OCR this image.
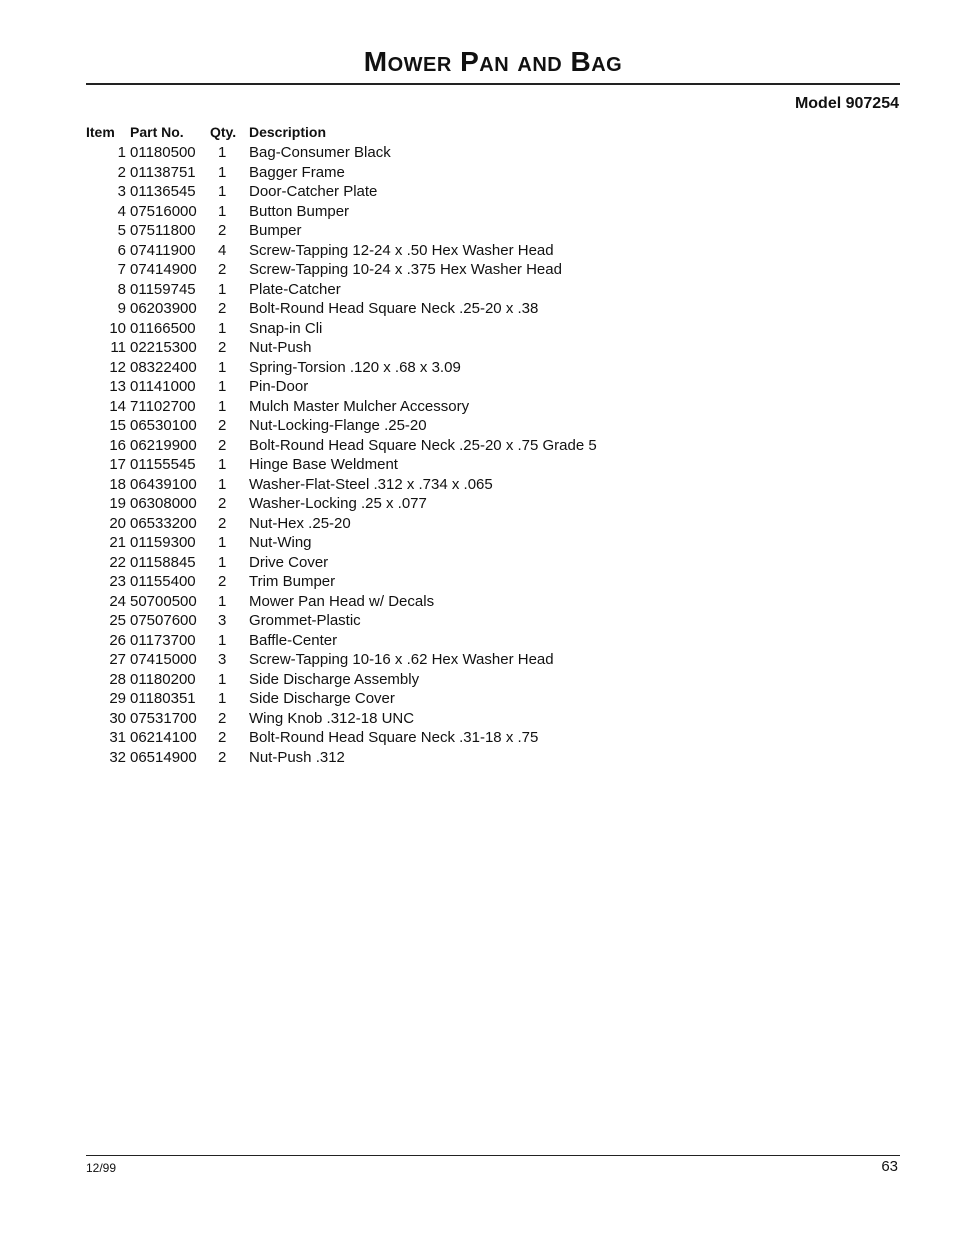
Mower Pan and Bag
Model 907254
Item	Part No.	Qty.	Description
1	01180500	1	Bag-Consumer Black
2	01138751	1	Bagger Frame
3	01136545	1	Door-Catcher Plate
4	07516000	1	Button Bumper
5	07511800	2	Bumper
6	07411900	4	Screw-Tapping 12-24 x .50 Hex Washer Head
7	07414900	2	Screw-Tapping 10-24 x .375 Hex Washer Head
8	01159745	1	Plate-Catcher
9	06203900	2	Bolt-Round Head Square Neck .25-20 x .38
10	01166500	1	Snap-in Cli
11	02215300	2	Nut-Push
12	08322400	1	Spring-Torsion .120 x .68 x 3.09
13	01141000	1	Pin-Door
14	71102700	1	Mulch Master Mulcher Accessory
15	06530100	2	Nut-Locking-Flange .25-20
16	06219900	2	Bolt-Round Head Square Neck .25-20 x .75 Grade 5
17	01155545	1	Hinge Base Weldment
18	06439100	1	Washer-Flat-Steel .312 x .734 x .065
19	06308000	2	Washer-Locking .25 x .077
20	06533200	2	Nut-Hex .25-20
21	01159300	1	Nut-Wing
22	01158845	1	Drive Cover
23	01155400	2	Trim Bumper
24	50700500	1	Mower Pan Head w/ Decals
25	07507600	3	Grommet-Plastic
26	01173700	1	Baffle-Center
27	07415000	3	Screw-Tapping 10-16 x .62 Hex Washer Head
28	01180200	1	Side Discharge Assembly
29	01180351	1	Side Discharge Cover
30	07531700	2	Wing Knob .312-18 UNC
31	06214100	2	Bolt-Round Head Square Neck .31-18 x .75
32	06514900	2	Nut-Push .312
12/99	63
